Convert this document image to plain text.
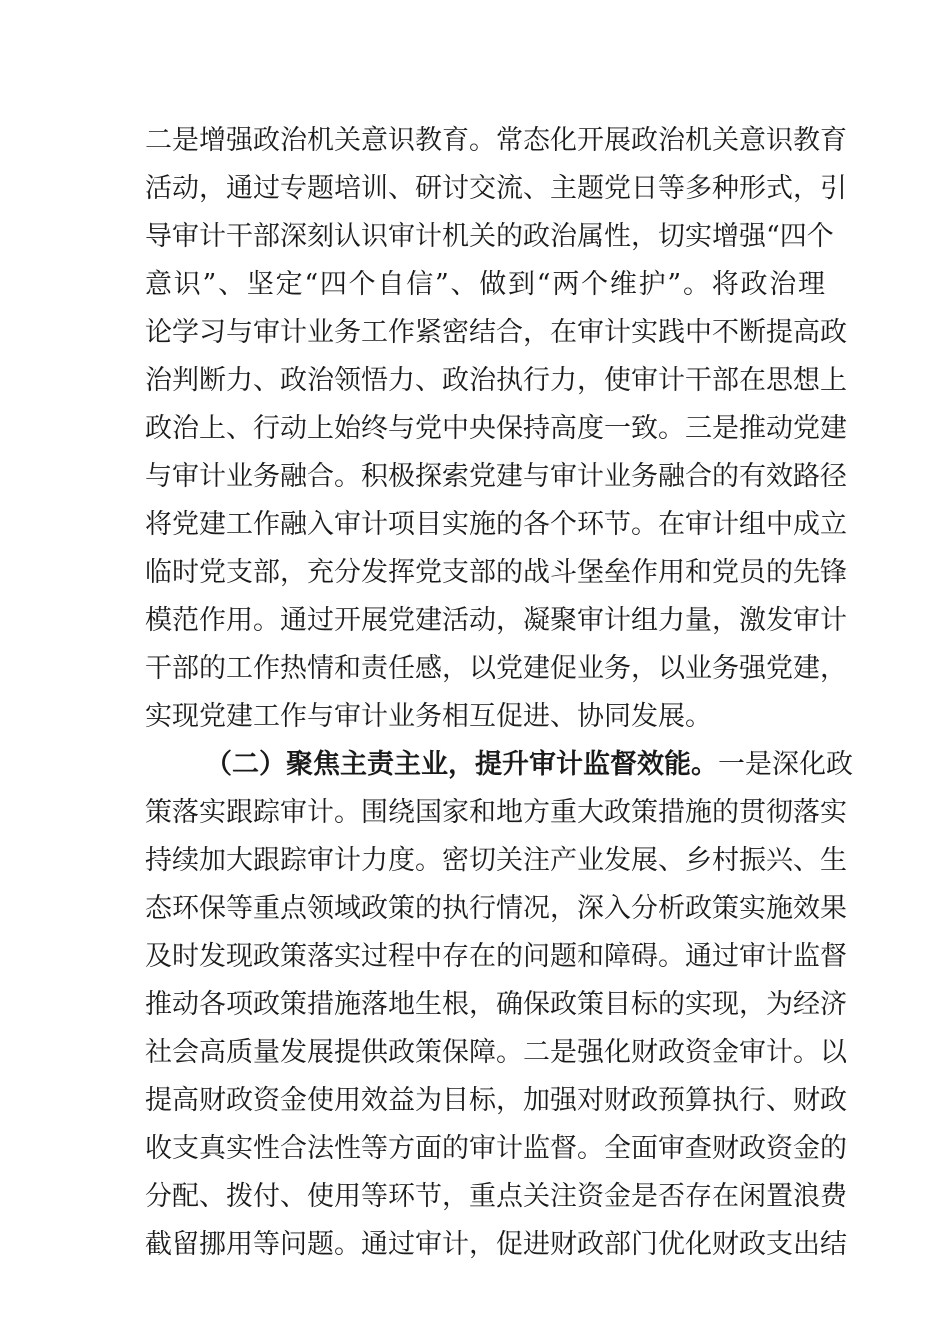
二是增强政治机关意识教育。常态化开展政治机关意识教育
活动，通过专题培训、研讨交流、主题党日等多种形式，引
导审计干部深刻认识审计机关的政治属性，切实增强“四个
意识”、坚定“四个自信”、做到“两个维护”。将政治理
论学习与审计业务工作紧密结合，在审计实践中不断提高政
治判断力、政治领悟力、政治执行力，使审计干部在思想上
政治上、行动上始终与党中央保持高度一致。三是推动党建
与审计业务融合。积极探索党建与审计业务融合的有效路径
将党建工作融入审计项目实施的各个环节。在审计组中成立
临时党支部，充分发挥党支部的战斗堡垒作用和党员的先锋
模范作用。通过开展党建活动，凝聚审计组力量，激发审计
干部的工作热情和责任感，以党建促业务，以业务强党建，
实现党建工作与审计业务相互促进、协同发展。
（二）聚焦主责主业，提升审计监督效能。一是深化政
策落实跟踪审计。围绕国家和地方重大政策措施的贯彻落实
持续加大跟踪审计力度。密切关注产业发展、乡村振兴、生
态环保等重点领域政策的执行情况，深入分析政策实施效果
及时发现政策落实过程中存在的问题和障碍。通过审计监督
推动各项政策措施落地生根，确保政策目标的实现，为经济
社会高质量发展提供政策保障。二是强化财政资金审计。以
提高财政资金使用效益为目标，加强对财政预算执行、财政
收支真实性合法性等方面的审计监督。全面审查财政资金的
分配、拨付、使用等环节，重点关注资金是否存在闲置浪费
截留挪用等问题。通过审计，促进财政部门优化财政支出结
